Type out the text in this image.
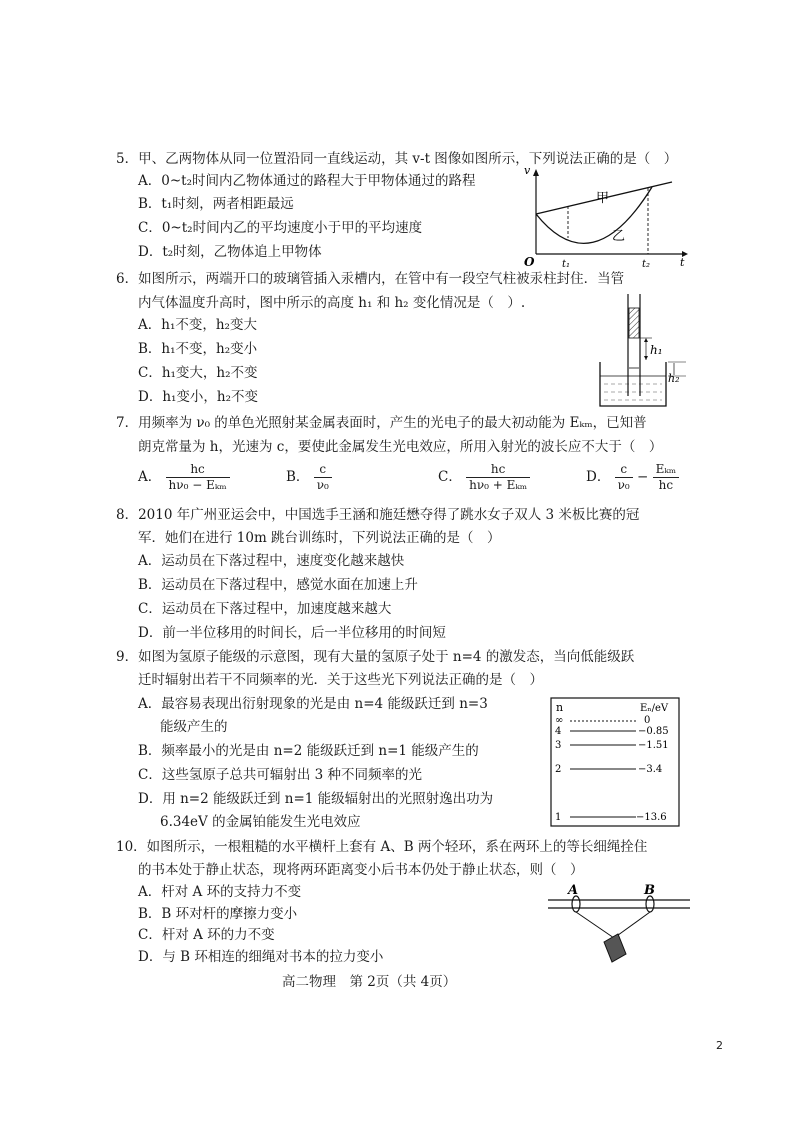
5．甲、乙两物体从同一位置沿同一直线运动，其 v-t 图像如图所示，下列说法正确的是（　）
A．0~t₂时间内乙物体通过的路程大于甲物体通过的路程
B．t₁时刻，两者相距最远
C．0~t₂时间内乙的平均速度小于甲的平均速度
D．t₂时刻，乙物体追上甲物体
v
t
O
甲
乙
t₁	t₂
6．如图所示，两端开口的玻璃管插入汞槽内，在管中有一段空气柱被汞柱封住．当管
内气体温度升高时，图中所示的高度 h₁ 和 h₂ 变化情况是（　）.
A．h₁不变，h₂变大
B．h₁不变，h₂变小
C．h₁变大，h₂不变
D．h₁变小，h₂不变
h₁
h₂
7．用频率为 ν₀ 的单色光照射某金属表面时，产生的光电子的最大初动能为 Eₖₘ，已知普
朗克常量为 h，光速为 c，要使此金属发生光电效应，所用入射光的波长应不大于（　）
A． $\frac{hc}{\text{hν₀ − Eₖₘ}}$	B． $\frac{c}{\text{ν₀}}$	C． $\frac{hc}{\text{hν₀ + Eₖₘ}}$	D． $\frac{c}{\text{ν₀}} - \frac{\text{Eₖₘ}}{hc}$
8．2010 年广州亚运会中，中国选手王涵和施廷懋夺得了跳水女子双人 3 米板比赛的冠
军．她们在进行 10m 跳台训练时，下列说法正确的是（　）
A．运动员在下落过程中，速度变化越来越快
B．运动员在下落过程中，感觉水面在加速上升
C．运动员在下落过程中，加速度越来越大
D．前一半位移用的时间长，后一半位移用的时间短
9．如图为氢原子能级的示意图，现有大量的氢原子处于 n=4 的激发态，当向低能级跃
迁时辐射出若干不同频率的光．关于这些光下列说法正确的是（　）
A．最容易表现出衍射现象的光是由 n=4 能级跃迁到 n=3
能级产生的
B．频率最小的光是由 n=2 能级跃迁到 n=1 能级产生的
C．这些氢原子总共可辐射出 3 种不同频率的光
D．用 n=2 能级跃迁到 n=1 能级辐射出的光照射逸出功为
6.34eV 的金属铂能发生光电效应
n	Eₙ/eV
∞	0
4	−0.85
3	−1.51
2	−3.4
1	−13.6
10．如图所示，一根粗糙的水平横杆上套有 A、B 两个轻环，系在两环上的等长细绳拴住
的书本处于静止状态，现将两环距离变小后书本仍处于静止状态，则（　）
A．杆对 A 环的支持力不变
B．B 环对杆的摩擦力变小
C．杆对 A 环的力不变
D．与 B 环相连的细绳对书本的拉力变小
A	B
高二物理　第 2页（共 4页）
2
